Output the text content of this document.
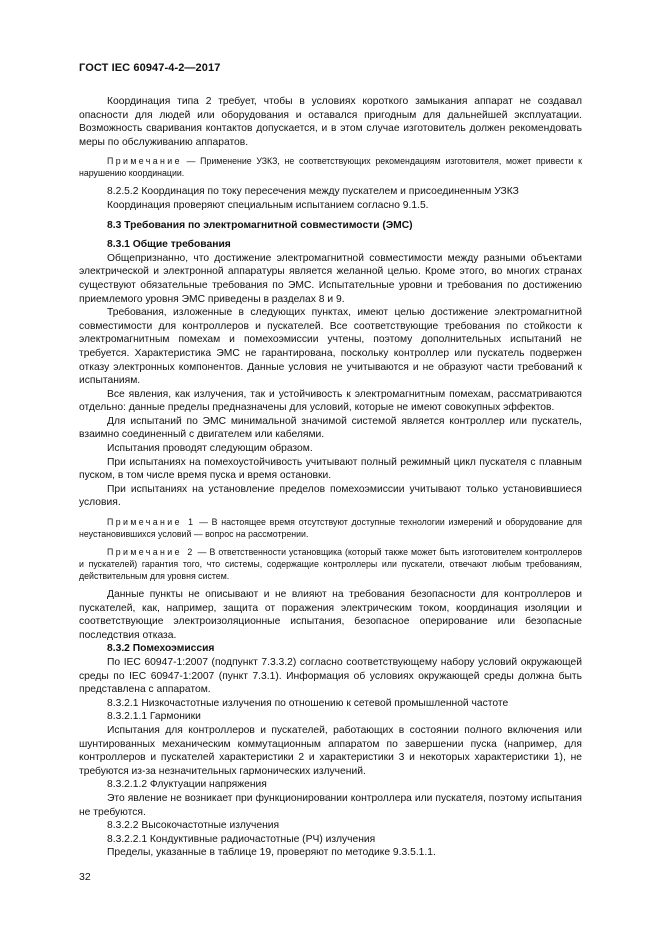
ГОСТ IEC 60947-4-2—2017

Координация типа 2 требует, чтобы в условиях короткого замыкания аппарат не создавал опасности для людей или оборудования и оставался пригодным для дальнейшей эксплуатации. Возможность сваривания контактов допускается, и в этом случае изготовитель должен рекомендовать меры по обслуживанию аппаратов.

Примечание — Применение УЗКЗ, не соответствующих рекомендациям изготовителя, может привести к нарушению координации.

8.2.5.2 Координация по току пересечения между пускателем и присоединенным УЗКЗ

Координация проверяют специальным испытанием согласно 9.1.5.

8.3 Требования по электромагнитной совместимости (ЭМС)

8.3.1 Общие требования

Общепризнанно, что достижение электромагнитной совместимости между разными объектами электрической и электронной аппаратуры является желанной целью. Кроме этого, во многих странах существуют обязательные требования по ЭМС. Испытательные уровни и требования по достижению приемлемого уровня ЭМС приведены в разделах 8 и 9.

Требования, изложенные в следующих пунктах, имеют целью достижение электромагнитной совместимости для контроллеров и пускателей. Все соответствующие требования по стойкости к электромагнитным помехам и помехоэмиссии учтены, поэтому дополнительных испытаний не требуется. Характеристика ЭМС не гарантирована, поскольку контроллер или пускатель подвержен отказу электронных компонентов. Данные условия не учитываются и не образуют части требований к испытаниям.

Все явления, как излучения, так и устойчивость к электромагнитным помехам, рассматриваются отдельно: данные пределы предназначены для условий, которые не имеют совокупных эффектов.

Для испытаний по ЭМС минимальной значимой системой является контроллер или пускатель, взаимно соединенный с двигателем или кабелями.

Испытания проводят следующим образом.

При испытаниях на помехоустойчивость учитывают полный режимный цикл пускателя с плавным пуском, в том числе время пуска и время остановки.

При испытаниях на установление пределов помехоэмиссии учитывают только установившиеся условия.

Примечание 1 — В настоящее время отсутствуют доступные технологии измерений и оборудование для неустановившихся условий — вопрос на рассмотрении.

Примечание 2 — В ответственности установщика (который также может быть изготовителем контроллеров и пускателей) гарантия того, что системы, содержащие контроллеры или пускатели, отвечают любым требованиям, действительным для уровня систем.

Данные пункты не описывают и не влияют на требования безопасности для контроллеров и пускателей, как, например, защита от поражения электрическим током, координация изоляции и соответствующие электроизоляционные испытания, безопасное оперирование или безопасные последствия отказа.

8.3.2 Помехоэмиссия

По IEC 60947-1:2007 (подпункт 7.3.3.2) согласно соответствующему набору условий окружающей среды по IEC 60947-1:2007 (пункт 7.3.1). Информация об условиях окружающей среды должна быть представлена с аппаратом.

8.3.2.1 Низкочастотные излучения по отношению к сетевой промышленной частоте

8.3.2.1.1 Гармоники

Испытания для контроллеров и пускателей, работающих в состоянии полного включения или шунтированных механическим коммутационным аппаратом по завершении пуска (например, для контроллеров и пускателей характеристики 2 и характеристики 3 и некоторых характеристики 1), не требуются из-за незначительных гармонических излучений.

8.3.2.1.2 Флуктуации напряжения

Это явление не возникает при функционировании контроллера или пускателя, поэтому испытания не требуются.

8.3.2.2 Высокочастотные излучения

8.3.2.2.1 Кондуктивные радиочастотные (РЧ) излучения

Пределы, указанные в таблице 19, проверяют по методике 9.3.5.1.1.

32
